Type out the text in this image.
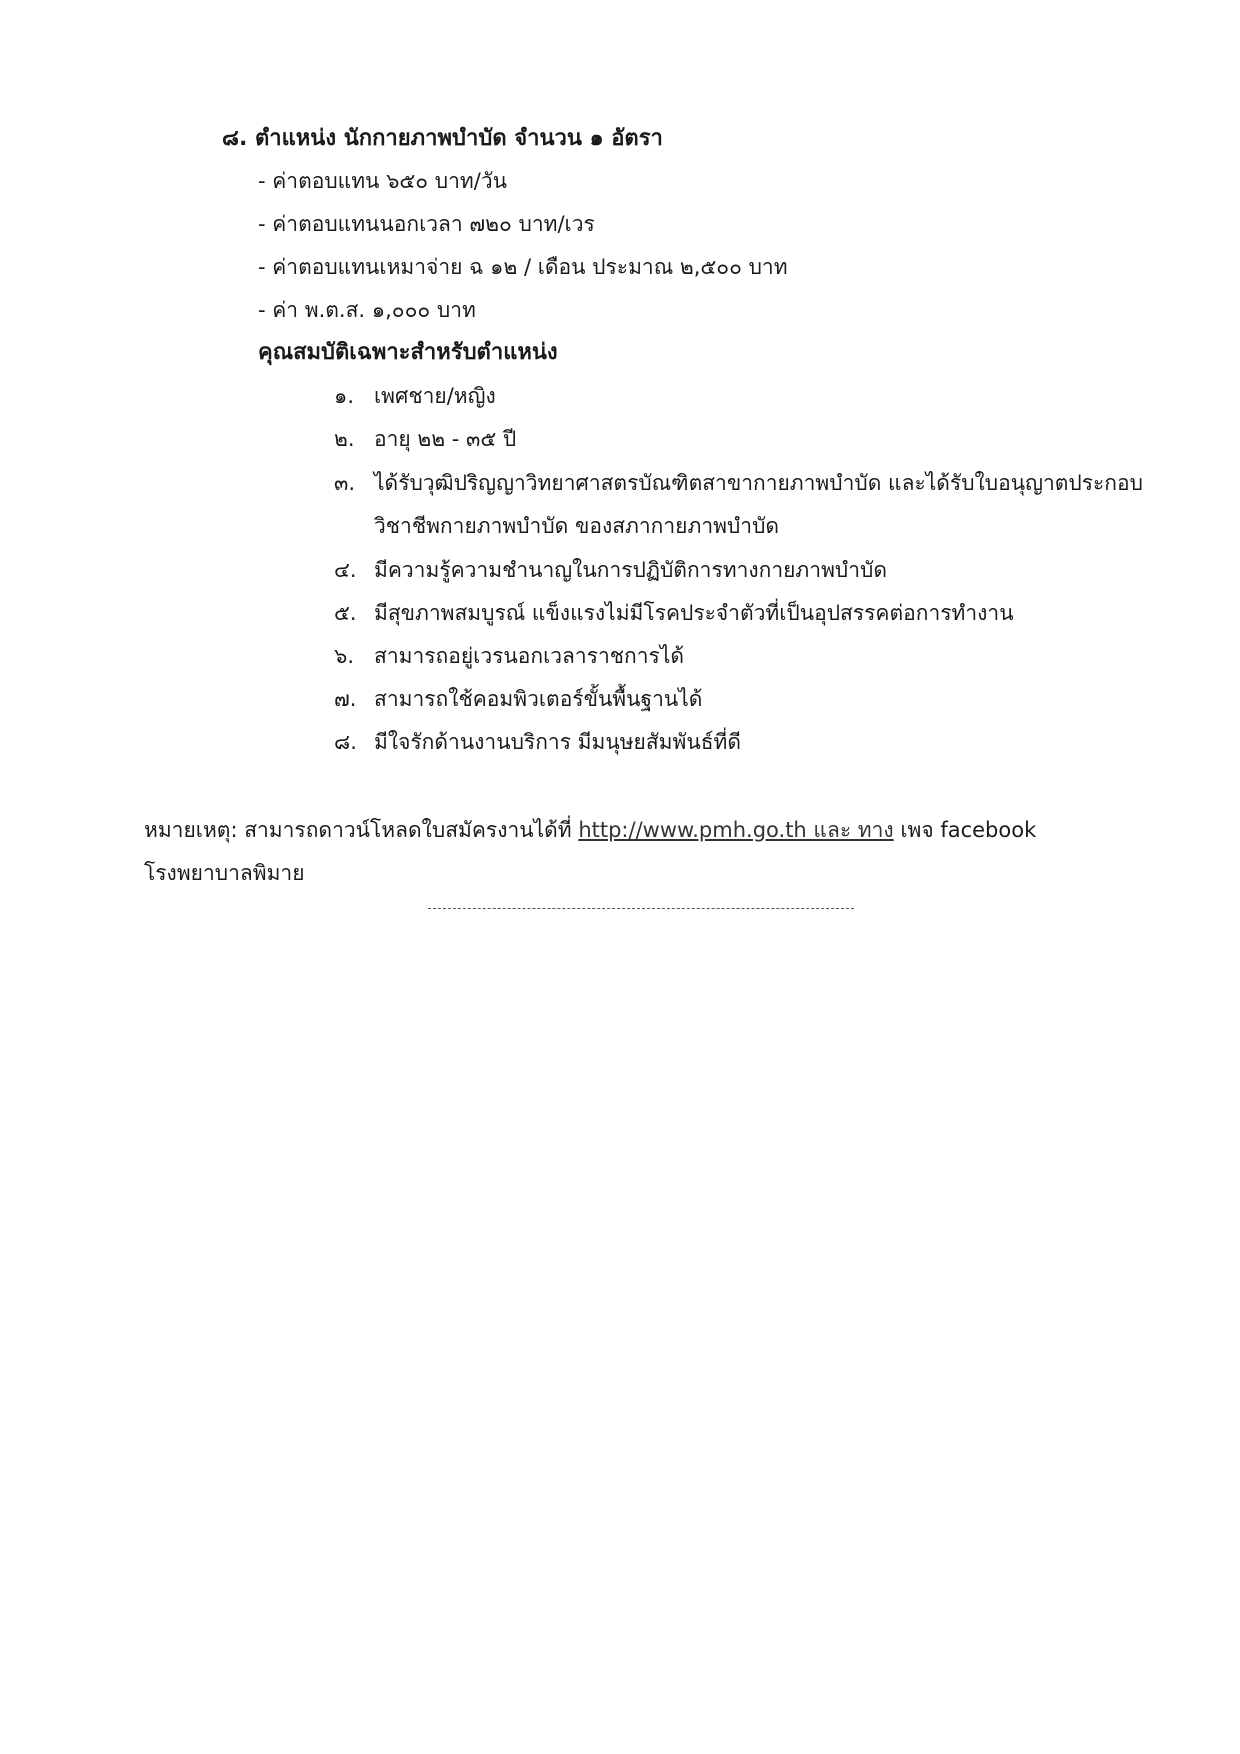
๘. ตำแหน่ง นักกายภาพบำบัด จำนวน ๑ อัตรา
- ค่าตอบแทน ๖๕๐ บาท/วัน
- ค่าตอบแทนนอกเวลา ๗๒๐ บาท/เวร
- ค่าตอบแทนเหมาจ่าย ฉ ๑๒ / เดือน ประมาณ ๒,๕๐๐ บาท
- ค่า พ.ต.ส. ๑,๐๐๐ บาท
คุณสมบัติเฉพาะสำหรับตำแหน่ง
๑. เพศชาย/หญิง
๒. อายุ ๒๒ - ๓๕ ปี
๓. ได้รับวุฒิปริญญาวิทยาศาสตรบัณฑิตสาขากายภาพบำบัด และได้รับใบอนุญาตประกอบ
วิชาชีพกายภาพบำบัด ของสภากายภาพบำบัด
๔. มีความรู้ความชำนาญในการปฏิบัติการทางกายภาพบำบัด
๕. มีสุขภาพสมบูรณ์ แข็งแรงไม่มีโรคประจำตัวที่เป็นอุปสรรคต่อการทำงาน
๖. สามารถอยู่เวรนอกเวลาราชการได้
๗. สามารถใช้คอมพิวเตอร์ขั้นพื้นฐานได้
๘. มีใจรักด้านงานบริการ มีมนุษยสัมพันธ์ที่ดี
หมายเหตุ: สามารถดาวน์โหลดใบสมัครงานได้ที่ http://www.pmh.go.th และ ทาง เพจ facebook
โรงพยาบาลพิมาย
